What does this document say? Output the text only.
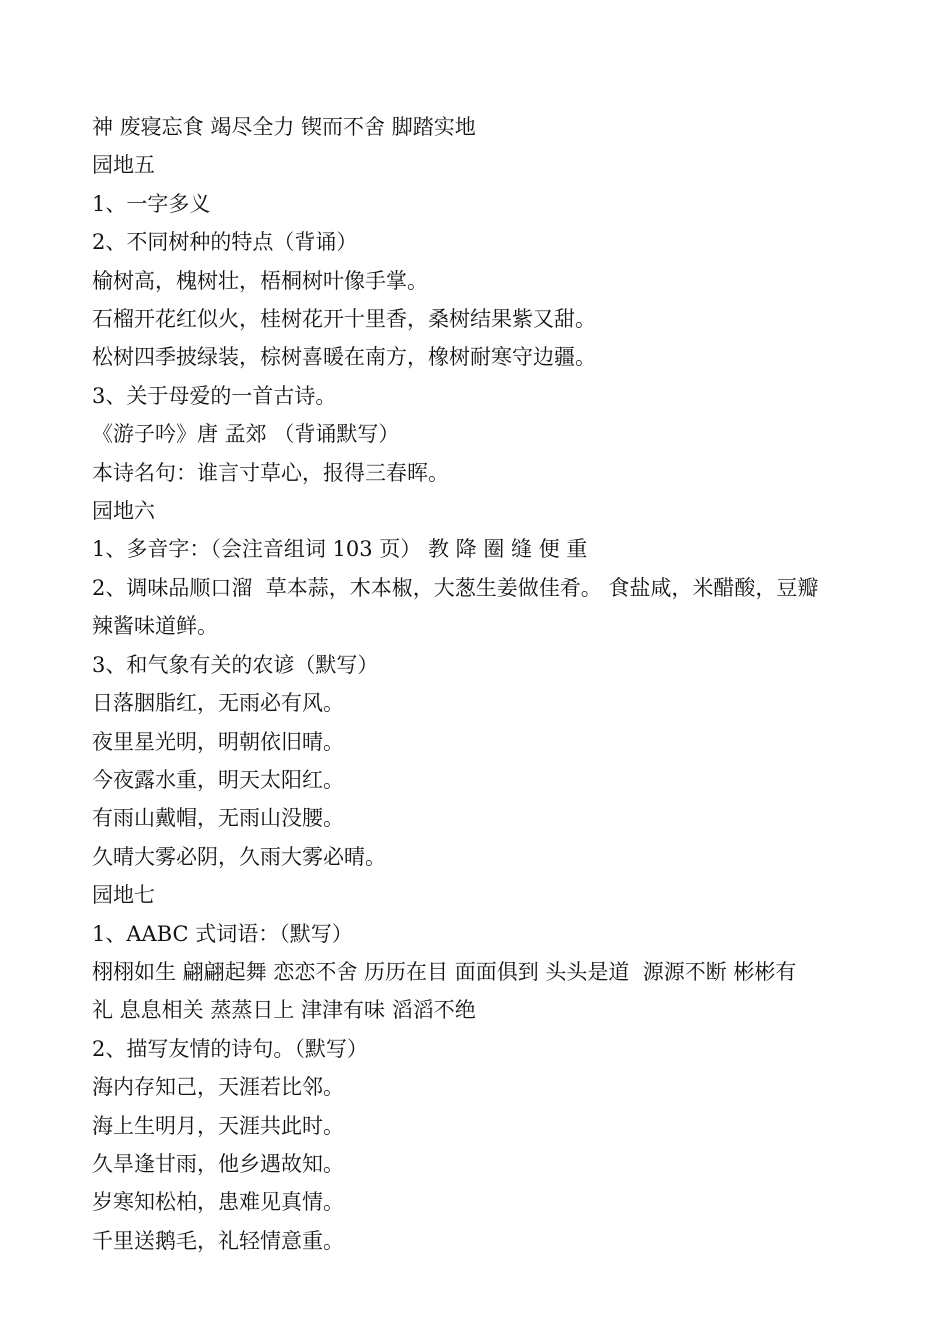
神 废寝忘食 竭尽全力 锲而不舍 脚踏实地

园地五

1、一字多义

2、不同树种的特点（背诵）

榆树高，槐树壮，梧桐树叶像手掌。

石榴开花红似火，桂树花开十里香，桑树结果紫又甜。

松树四季披绿装，棕树喜暖在南方，橡树耐寒守边疆。

3、关于母爱的一首古诗。

《游子吟》唐 孟郊 （背诵默写）

本诗名句：谁言寸草心，报得三春晖。

园地六

1、多音字：（会注音组词 103 页） 教 降 圈 缝 便 重

2、调味品顺口溜  草本蒜，木本椒，大葱生姜做佳肴。 食盐咸，米醋酸，豆瓣

辣酱味道鲜。

3、和气象有关的农谚（默写）

日落胭脂红，无雨必有风。

夜里星光明，明朝依旧晴。

今夜露水重，明天太阳红。

有雨山戴帽，无雨山没腰。

久晴大雾必阴，久雨大雾必晴。

园地七

1、AABC 式词语：（默写）

栩栩如生 翩翩起舞 恋恋不舍 历历在目 面面俱到 头头是道  源源不断 彬彬有

礼 息息相关 蒸蒸日上 津津有味 滔滔不绝

2、描写友情的诗句。（默写）

海内存知己，天涯若比邻。

海上生明月，天涯共此时。

久旱逢甘雨，他乡遇故知。

岁寒知松柏，患难见真情。

千里送鹅毛，礼轻情意重。
